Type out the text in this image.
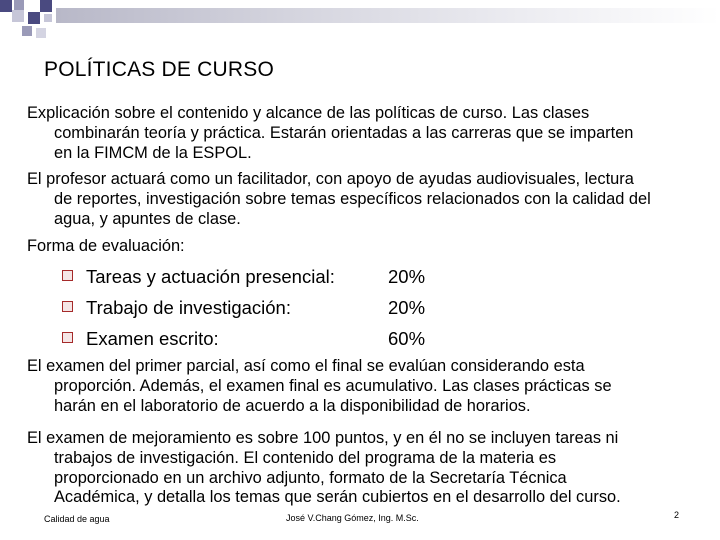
POLÍTICAS DE CURSO
Explicación sobre el contenido y alcance de las políticas de curso. Las clases
combinarán teoría y práctica. Estarán orientadas a las carreras que se imparten
en la FIMCM de la ESPOL.
El profesor actuará como un facilitador, con apoyo de ayudas audiovisuales, lectura
de reportes, investigación sobre temas específicos relacionados con la calidad del
agua, y apuntes de clase.
Forma de evaluación:
Tareas y actuación presencial:	20%
Trabajo de investigación:	20%
Examen escrito:	60%
El examen del primer parcial, así como el final se evalúan considerando esta
proporción. Además, el examen final es acumulativo. Las clases prácticas se
harán en el laboratorio de acuerdo a la disponibilidad de horarios.
El examen de mejoramiento es sobre 100 puntos, y en él no se incluyen tareas ni
trabajos de investigación. El contenido del programa de la materia es
proporcionado en un archivo adjunto, formato de la Secretaría Técnica
Académica, y detalla los temas que serán cubiertos en el desarrollo del curso.
Calidad de agua	José V.Chang Gómez, Ing. M.Sc.	2
